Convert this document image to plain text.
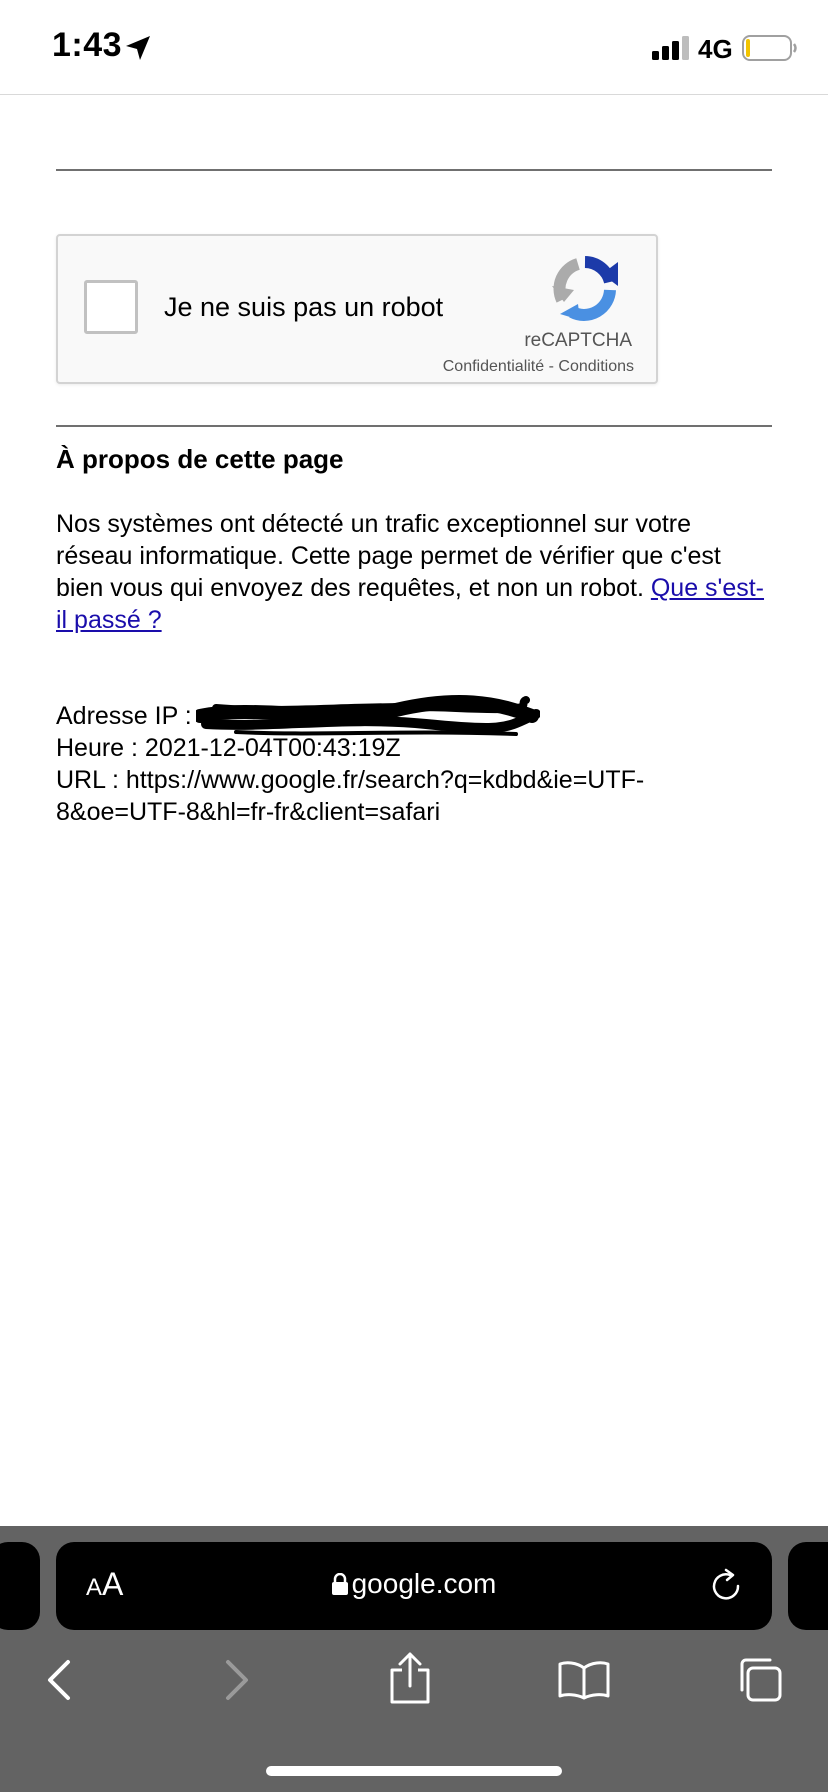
1:43	4G
Je ne suis pas un robot
reCAPTCHA
Confidentialité - Conditions
À propos de cette page
Nos systèmes ont détecté un trafic exceptionnel sur votre réseau informatique. Cette page permet de vérifier que c'est bien vous qui envoyez des requêtes, et non un robot. Que s'est-il passé ?
Adresse IP :
Heure : 2021-12-04T00:43:19Z
URL : https://www.google.fr/search?q=kdbd&ie=UTF-
8&oe=UTF-8&hl=fr-fr&client=safari
AA	google.com
